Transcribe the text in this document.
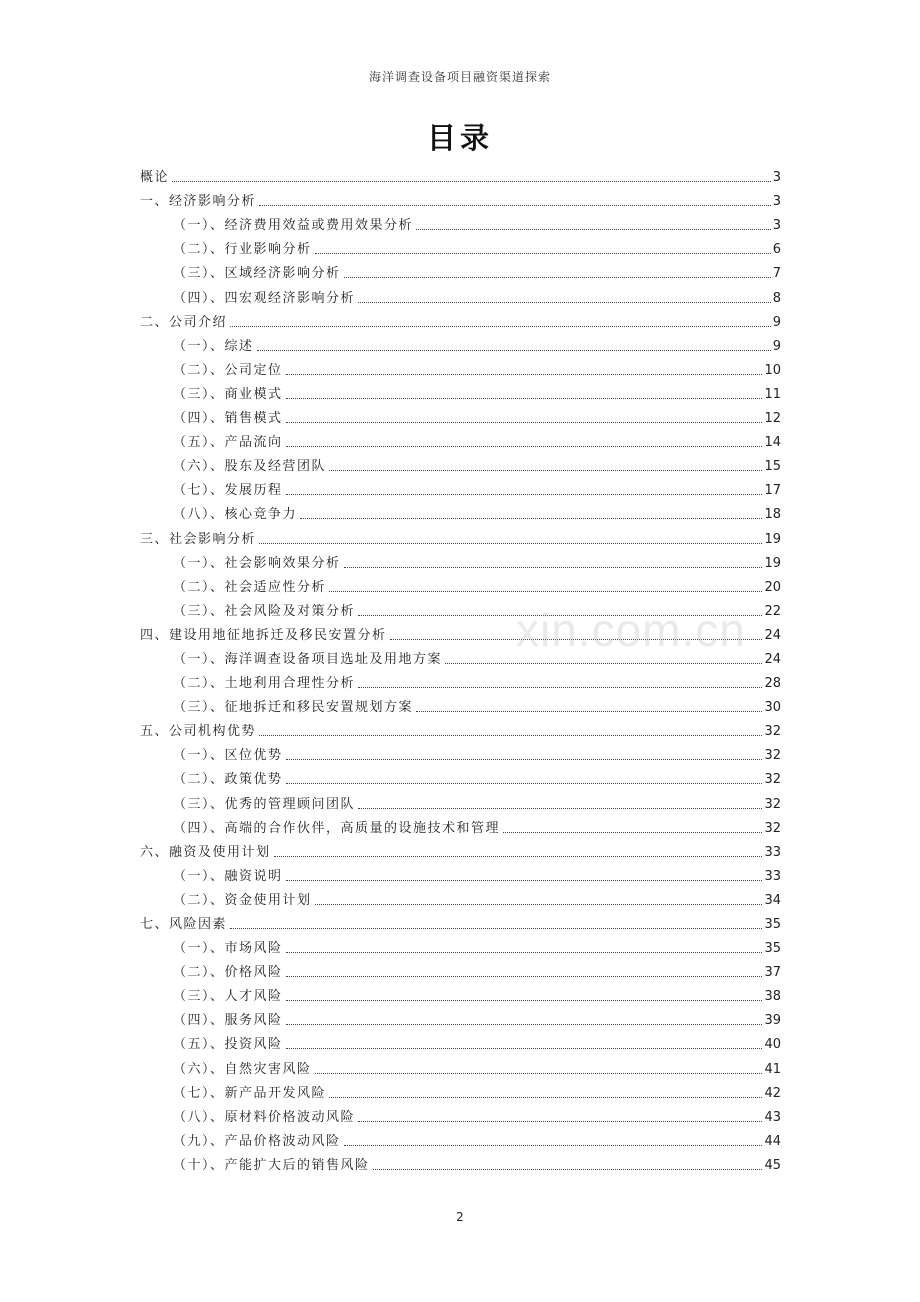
海洋调查设备项目融资渠道探索
目录
概论	3
一、经济影响分析	3
（一）、经济费用效益或费用效果分析	3
（二）、行业影响分析	6
（三）、区域经济影响分析	7
（四）、四宏观经济影响分析	8
二、公司介绍	9
（一）、综述	9
（二）、公司定位	10
（三）、商业模式	11
（四）、销售模式	12
（五）、产品流向	14
（六）、股东及经营团队	15
（七）、发展历程	17
（八）、核心竞争力	18
三、社会影响分析	19
（一）、社会影响效果分析	19
（二）、社会适应性分析	20
（三）、社会风险及对策分析	22
四、建设用地征地拆迁及移民安置分析	24
（一）、海洋调查设备项目选址及用地方案	24
（二）、土地利用合理性分析	28
（三）、征地拆迁和移民安置规划方案	30
五、公司机构优势	32
（一）、区位优势	32
（二）、政策优势	32
（三）、优秀的管理顾问团队	32
（四）、高端的合作伙伴，高质量的设施技术和管理	32
六、融资及使用计划	33
（一）、融资说明	33
（二）、资金使用计划	34
七、风险因素	35
（一）、市场风险	35
（二）、价格风险	37
（三）、人才风险	38
（四）、服务风险	39
（五）、投资风险	40
（六）、自然灾害风险	41
（七）、新产品开发风险	42
（八）、原材料价格波动风险	43
（九）、产品价格波动风险	44
（十）、产能扩大后的销售风险	45
xin.com.cn
2
